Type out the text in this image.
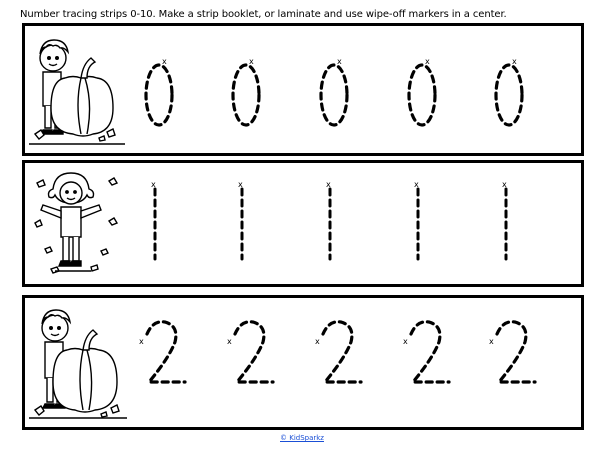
Number tracing strips 0-10. Make a strip booklet, or laminate and use wipe-off markers in a center.
x	x	x	x	x
x	x	x	x	x
x	x	x	x	x
© KidSparkz
